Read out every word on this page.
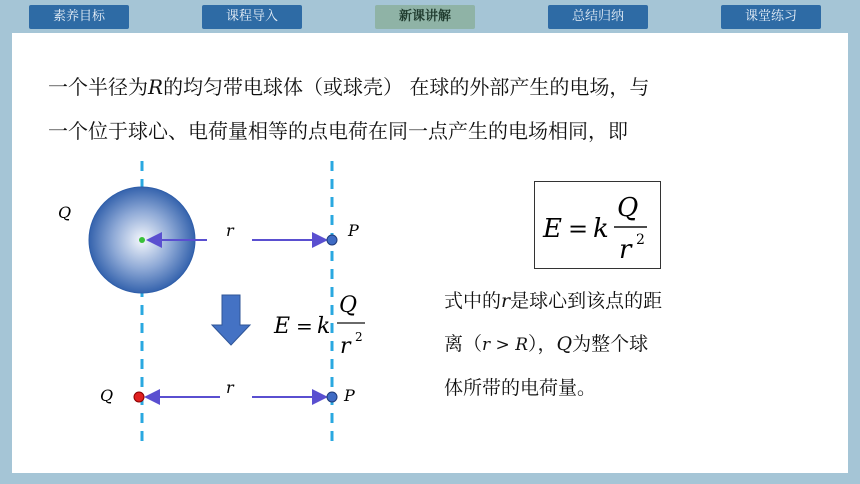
素养目标	课程导入	新课讲解	总结归纳	课堂练习
一个半径为R的均匀带电球体（或球壳） 在球的外部产生的电场，与
一个位于球心、电荷量相等的点电荷在同一点产生的电场相同，即
E = k
Q
r 2
式中的r是球心到该点的距
离（r > R），Q为整个球
体所带的电荷量。
Q
r	P
E = k
Q
r 2
Q	r	P
